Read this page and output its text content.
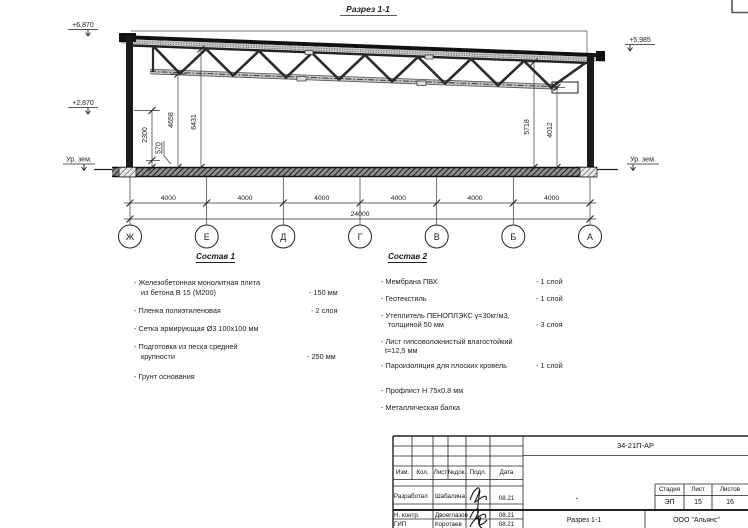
Разрез 1-1
4000	4000	4000	4000	4000	4000
24000
Ж	Е	Д	Г	В	Б	А
2300
570
4658 6431	5718 4012
+6,870
+2,870
Ур. зем.
+5,985
Ур. зем.
Состав 1
- Железобетонная монолитная плита
из бетона В 15 (М200)	- 150 мм
- Пленка полиэтиленовая	- 2 слоя
- Сетка армирующая Ø3 100х100 мм
- Подготовка из песка средней
крупности	- 250 мм
- Грунт основания
Состав 2
- Мембрана ПВХ	- 1 слой
- Геотекстиль	- 1 слой
- Утеплитель ПЕНОПЛЭКС γ=30кг/м3,
толщиной 50 мм	- 3 слоя
- Лист гипсоволокнистый влагостойкий
t=12,5 мм
- Пароизоляция для плоских кровель	- 1 слой
- Профлист Н 75х0.8 мм
- Металлическая балка
34-21П-АР
Изм.	Кол. Лист №док. Подл.	Дата
Разработал Шабалина	08.21
Н. контр. Двоеглазов	08.21
ГИП	Коротаев	08.21
Стадия	Лист	Листов
ЭП	15	16
Разрез 1-1	ООО "Альянс"
